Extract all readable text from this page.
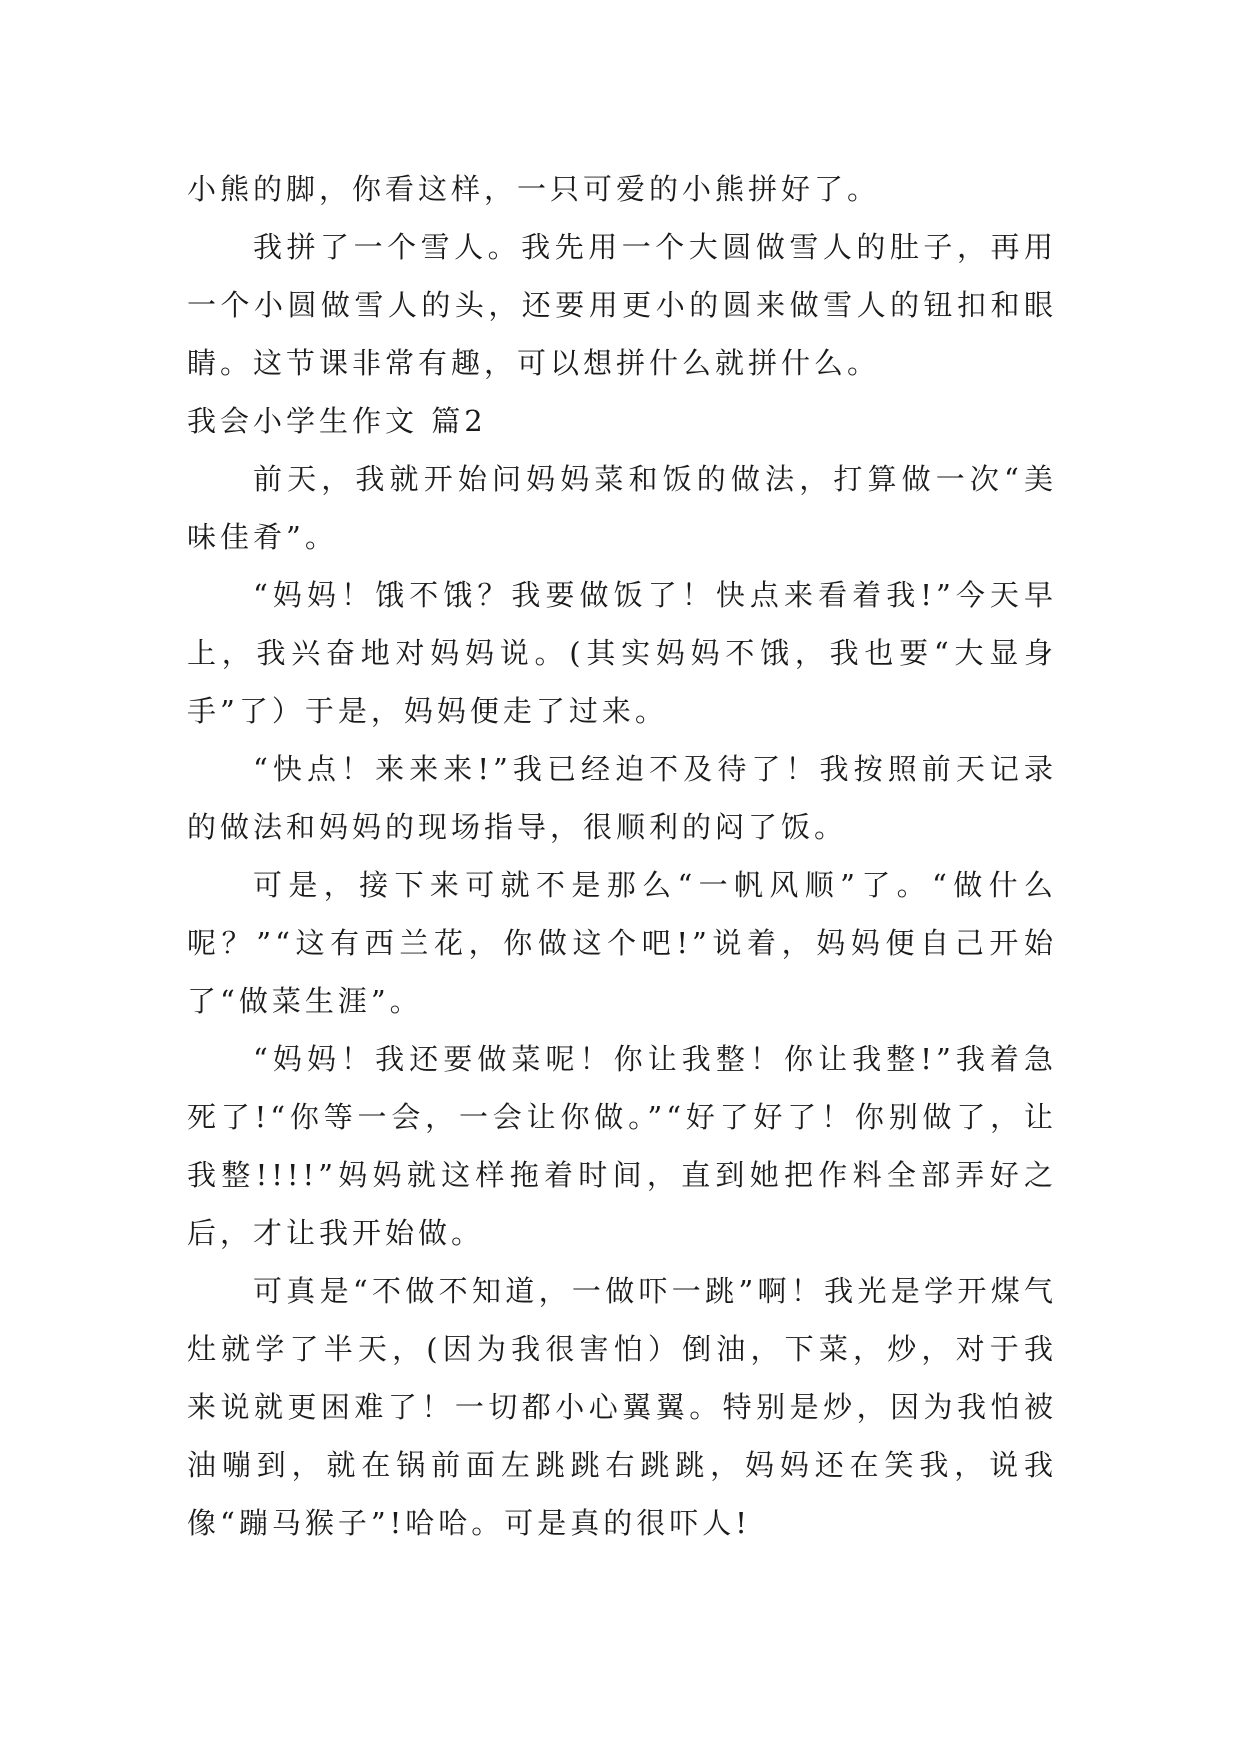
小熊的脚，你看这样，一只可爱的小熊拼好了。

我拼了一个雪人。我先用一个大圆做雪人的肚子，再用一个小圆做雪人的头，还要用更小的圆来做雪人的钮扣和眼睛。这节课非常有趣，可以想拼什么就拼什么。

我会小学生作文 篇2

前天，我就开始问妈妈菜和饭的做法，打算做一次“美味佳肴”。

“妈妈！饿不饿？我要做饭了！快点来看着我!”今天早上，我兴奋地对妈妈说。(其实妈妈不饿，我也要“大显身手”了）于是，妈妈便走了过来。

“快点！来来来!”我已经迫不及待了！我按照前天记录的做法和妈妈的现场指导，很顺利的闷了饭。

可是，接下来可就不是那么“一帆风顺”了。“做什么呢？”“这有西兰花，你做这个吧!”说着，妈妈便自己开始了“做菜生涯”。

“妈妈！我还要做菜呢！你让我整！你让我整!”我着急死了!“你等一会，一会让你做。”“好了好了！你别做了，让我整!!!!”妈妈就这样拖着时间，直到她把作料全部弄好之后，才让我开始做。

可真是“不做不知道，一做吓一跳”啊！我光是学开煤气灶就学了半天，(因为我很害怕）倒油，下菜，炒，对于我来说就更困难了！一切都小心翼翼。特别是炒，因为我怕被油嘣到，就在锅前面左跳跳右跳跳，妈妈还在笑我，说我像“蹦马猴子”!哈哈。可是真的很吓人!
